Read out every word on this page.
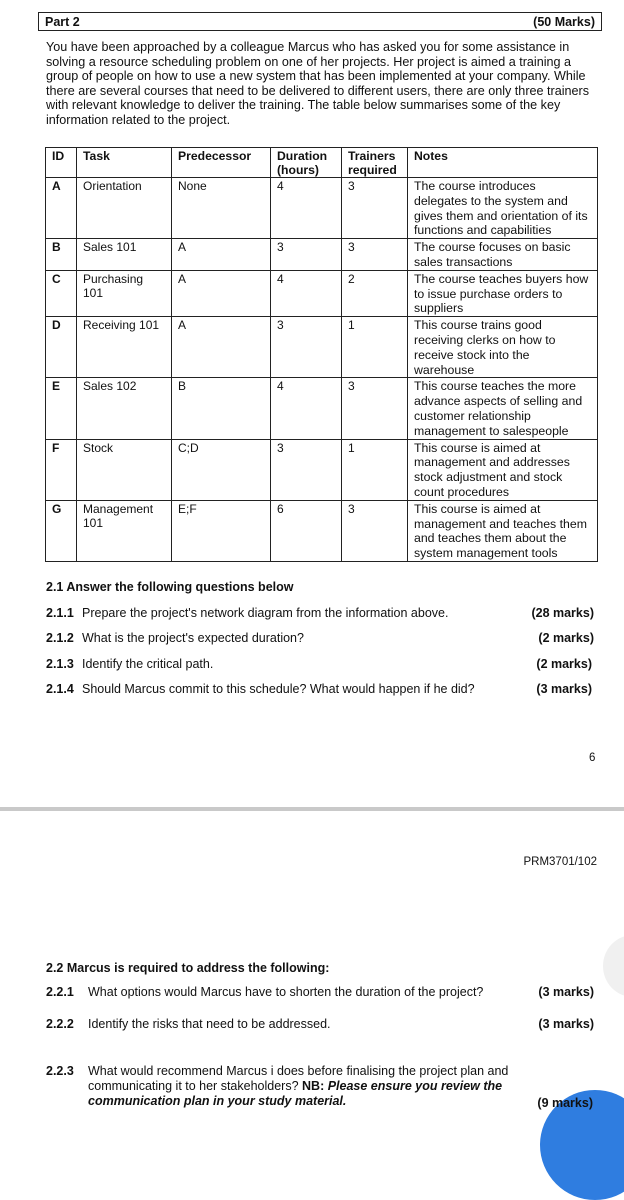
Part 2	(50 Marks)
You have been approached by a colleague Marcus who has asked you for some assistance in solving a resource scheduling problem on one of her projects. Her project is aimed a training a group of people on how to use a new system that has been implemented at your company. While there are several courses that need to be delivered to different users, there are only three trainers with relevant knowledge to deliver the training. The table below summarises some of the key information related to the project.
ID	Task	Predecessor	Duration (hours)	Trainers required	Notes
A	Orientation	None	4	3	The course introduces delegates to the system and gives them and orientation of its functions and capabilities
B	Sales 101	A	3	3	The course focuses on basic sales transactions
C	Purchasing 101	A	4	2	The course teaches buyers how to issue purchase orders to suppliers
D	Receiving 101	A	3	1	This course trains good receiving clerks on how to receive stock into the warehouse
E	Sales 102	B	4	3	This course teaches the more advance aspects of selling and customer relationship management to salespeople
F	Stock	C;D	3	1	This course is aimed at management and addresses stock adjustment and stock count procedures
G	Management 101	E;F	6	3	This course is aimed at management and teaches them and teaches them about the system management tools
2.1 Answer the following questions below
2.1.1 Prepare the project's network diagram from the information above.	(28 marks)
2.1.2 What is the project's expected duration?	(2 marks)
2.1.3 Identify the critical path.	(2 marks)
2.1.4 Should Marcus commit to this schedule? What would happen if he did?	(3 marks)
6
PRM3701/102
2.2 Marcus is required to address the following:
2.2.1 What options would Marcus have to shorten the duration of the project?	(3 marks)
2.2.2 Identify the risks that need to be addressed.	(3 marks)
2.2.3 What would recommend Marcus i does before finalising the project plan and communicating it to her stakeholders? NB: Please ensure you review the communication plan in your study material.	(9 marks)
